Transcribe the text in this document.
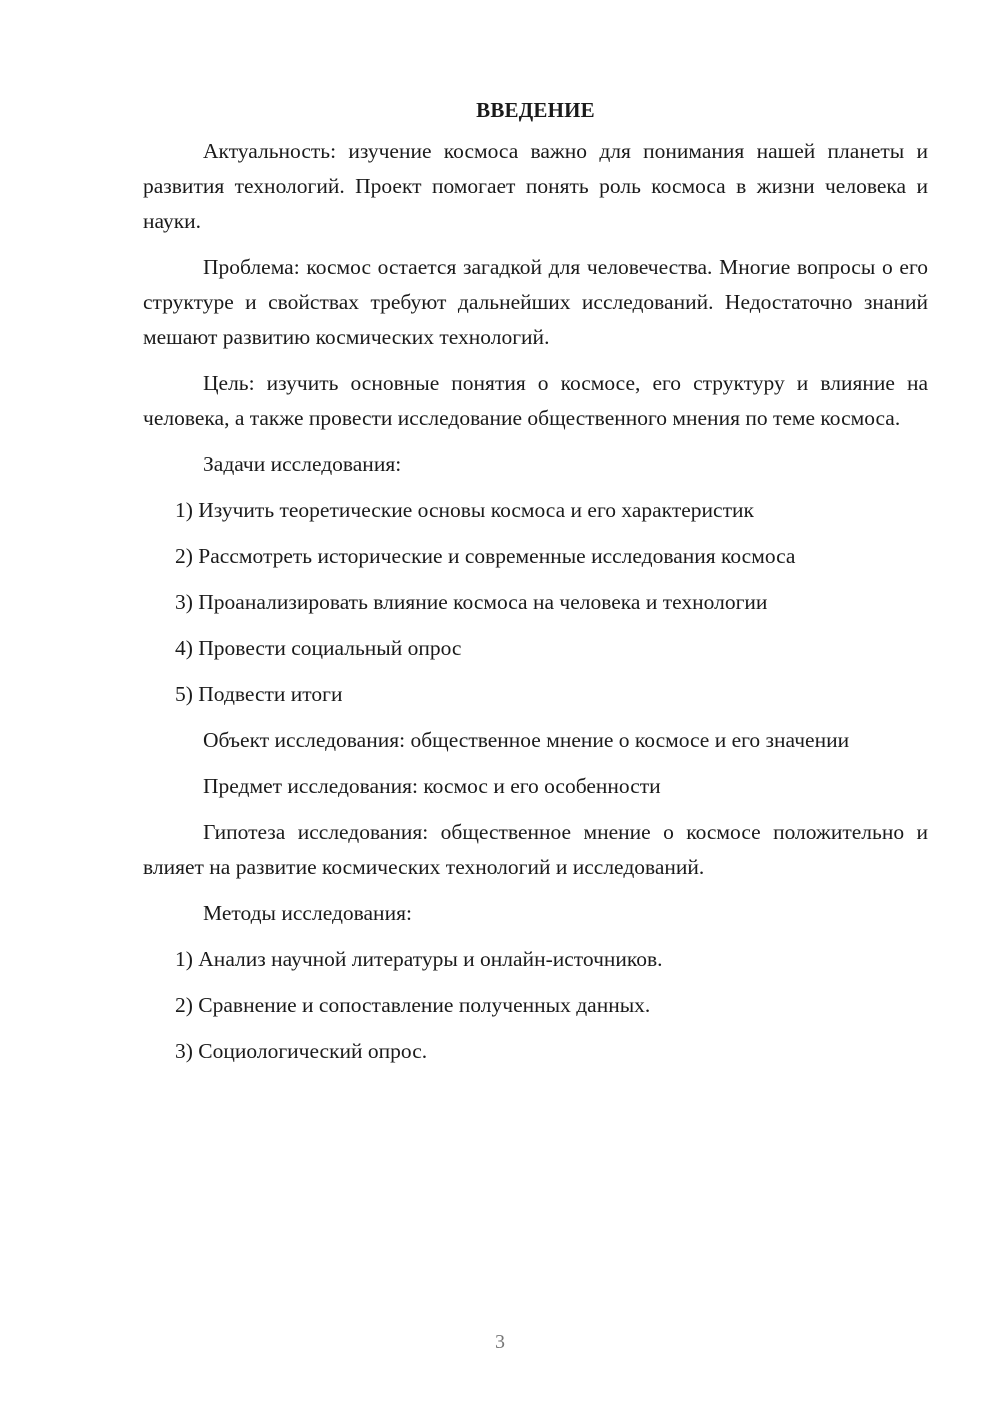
ВВЕДЕНИЕ

Актуальность: изучение космоса важно для понимания нашей планеты и развития технологий. Проект помогает понять роль космоса в жизни человека и науки.

Проблема: космос остается загадкой для человечества. Многие вопросы о его структуре и свойствах требуют дальнейших исследований. Недостаточно знаний мешают развитию космических технологий.

Цель: изучить основные понятия о космосе, его структуру и влияние на человека, а также провести исследование общественного мнения по теме космоса.

Задачи исследования:

1) Изучить теоретические основы космоса и его характеристик
2) Рассмотреть исторические и современные исследования космоса
3) Проанализировать влияние космоса на человека и технологии
4) Провести социальный опрос
5) Подвести итоги

Объект исследования: общественное мнение о космосе и его значении

Предмет исследования: космос и его особенности

Гипотеза исследования: общественное мнение о космосе положительно и влияет на развитие космических технологий и исследований.

Методы исследования:

1) Анализ научной литературы и онлайн-источников.
2) Сравнение и сопоставление полученных данных.
3) Социологический опрос.
3
